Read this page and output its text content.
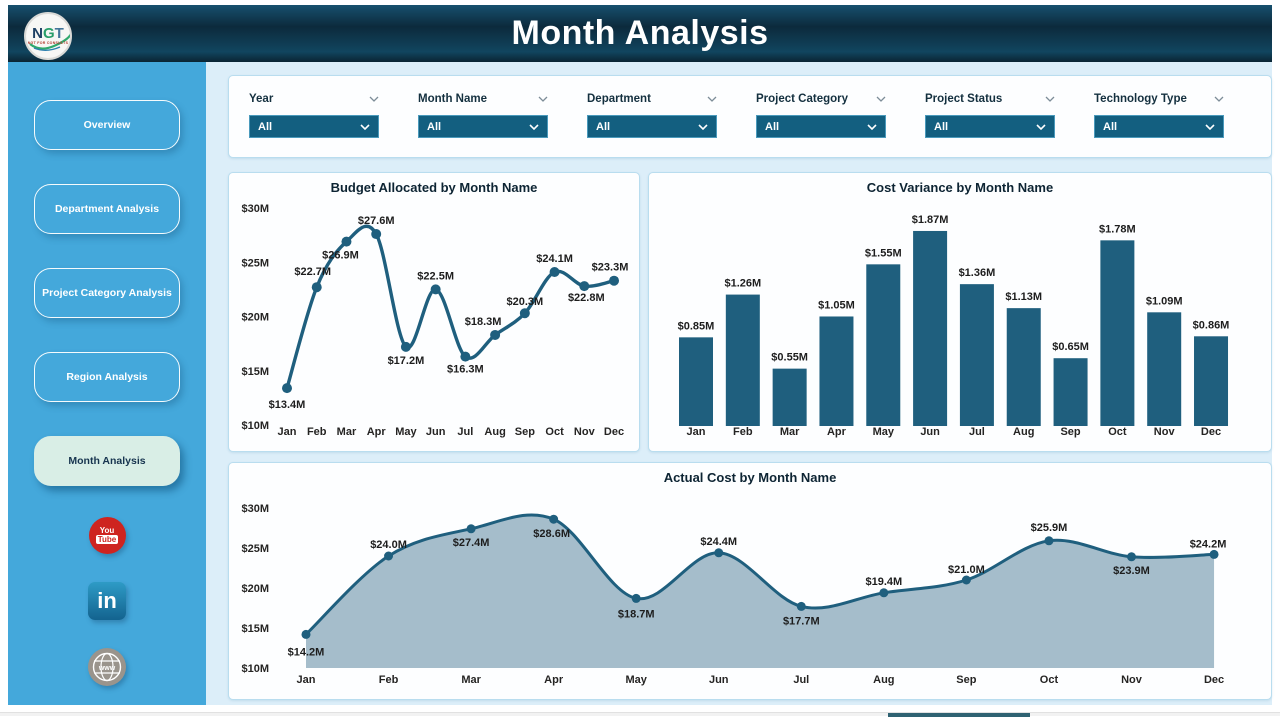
NGT
NGT FOR CONSULTS	Month Analysis
Overview
Department Analysis
Project Category Analysis
Region Analysis
Month Analysis
You
Tube
in
www
Year
All
Month Name
All
Department
All
Project Category
All
Project Status
All
Technology Type
All
Budget Allocated by Month Name
$30M
$25M
$20M
$15M
$10M Jan Feb Mar Apr May Jun Jul Aug Sep Oct Nov Dec
$13.4M
$22.7M
$26.9M
$27.6M
$17.2M
$22.5M
$16.3M
$18.3M
$20.3M
$24.1M
$22.8M
$23.3M
Cost Variance by Month Name
Jan	Feb Mar	Apr May Jun	Jul	Aug Sep	Oct Nov Dec
$0.85M
$1.26M
$0.55M
$1.05M
$1.55M
$1.87M
$1.36M
$1.13M
$0.65M
$1.78M
$1.09M
$0.86M
Actual Cost by Month Name
$30M
$25M
$20M
$15M
$10M
Jan	Feb	Mar	Apr	May	Jun	Jul	Aug	Sep	Oct	Nov	Dec
$14.2M
$24.0M	$27.4M
$28.6M
$18.7M
$24.4M
$17.7M
$19.4M
$21.0M
$25.9M
$23.9M
$24.2M
